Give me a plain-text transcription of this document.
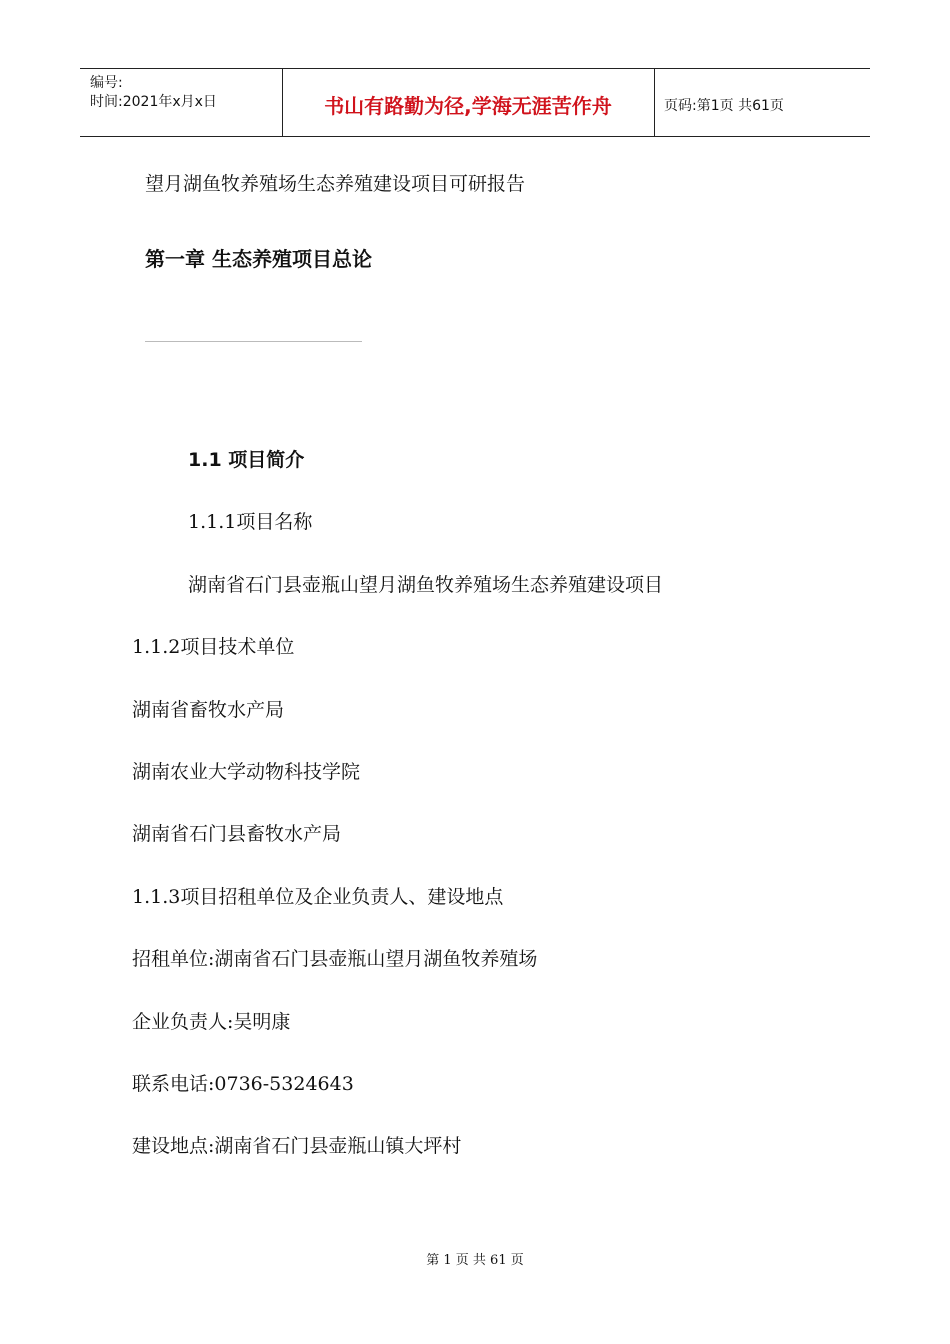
编号:
时间:2021年x月x日	书山有路勤为径,学海无涯苦作舟	页码:第1页 共61页
望月湖鱼牧养殖场生态养殖建设项目可研报告
第一章 生态养殖项目总论
1.1 项目简介
1.1.1项目名称
湖南省石门县壶瓶山望月湖鱼牧养殖场生态养殖建设项目
1.1.2项目技术单位
湖南省畜牧水产局
湖南农业大学动物科技学院
湖南省石门县畜牧水产局
1.1.3项目招租单位及企业负责人、建设地点
招租单位:湖南省石门县壶瓶山望月湖鱼牧养殖场
企业负责人:吴明康
联系电话:0736-5324643
建设地点:湖南省石门县壶瓶山镇大坪村
第 1 页 共 61 页
